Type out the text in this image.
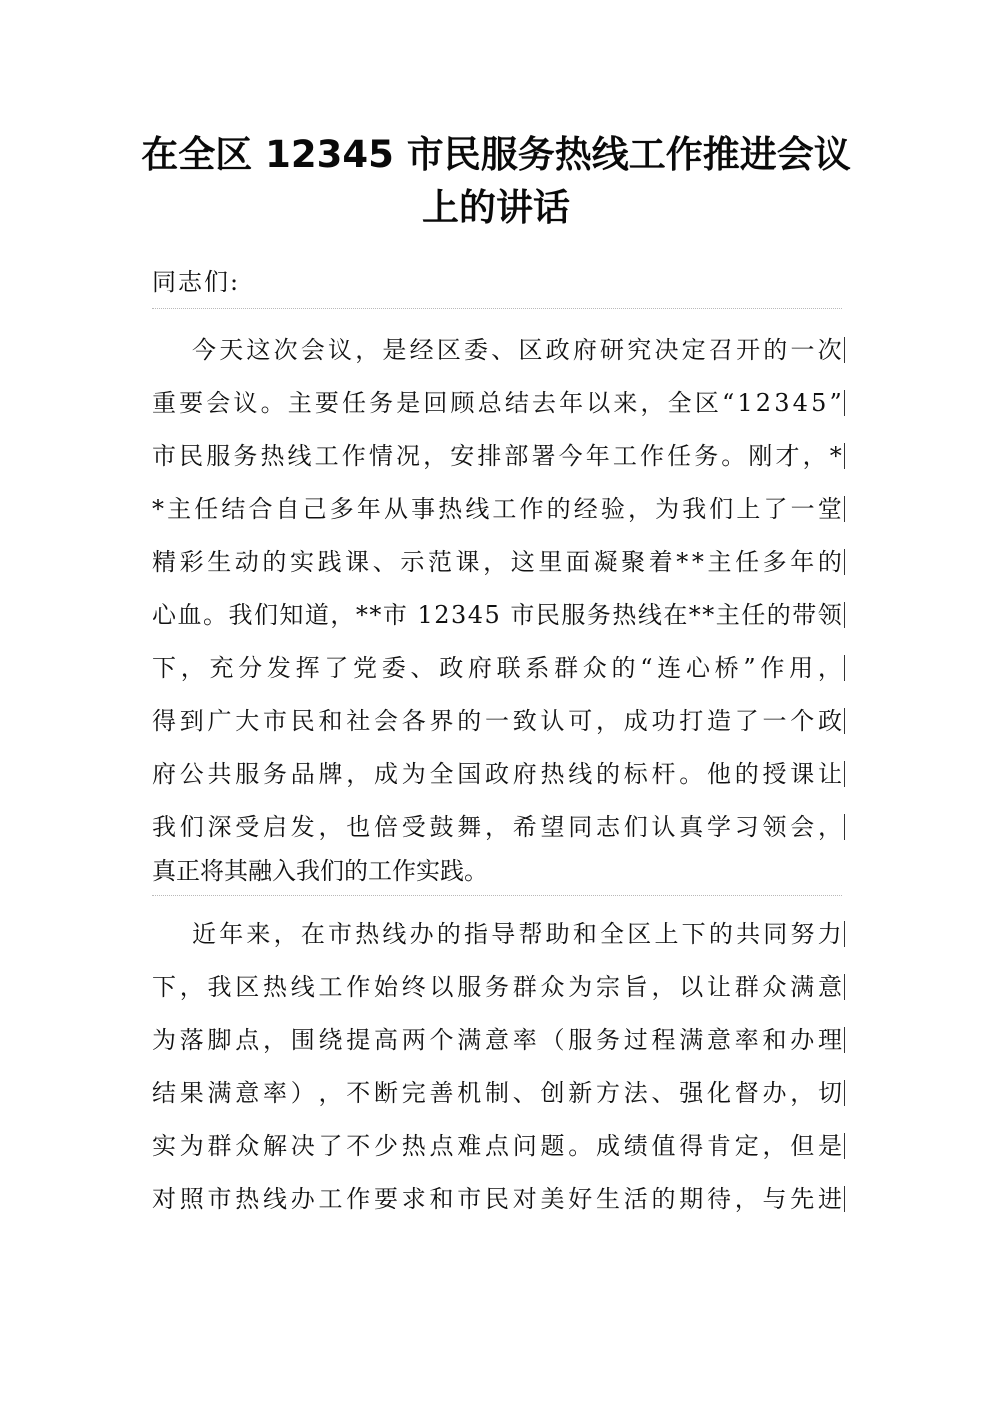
在全区 12345 市民服务热线工作推进会议
上的讲话
同志们:
今 天 这 次 会 议 ， 是 经 区 委 、 区 政 府 研 究 决 定 召 开 的 一 次
重 要 会 议 。 主 要 任 务 是 回 顾 总 结 去 年 以 来 ， 全 区 “ 1 2 3 4 5 ”
市 民 服 务 热 线 工 作 情 况 ， 安 排 部 署 今 年 工 作 任 务 。 刚 才 ， *
* 主 任 结 合 自 己 多 年 从 事 热 线 工 作 的 经 验 ， 为 我 们 上 了 一 堂
精 彩 生 动 的 实 践 课 、 示 范 课 ， 这 里 面 凝 聚 着 * * 主 任 多 年 的
心 血 。 我 们 知 道 ， * * 市
1 2 3 4 5
市 民 服 务 热 线 在 * * 主 任 的 带 领
下 ， 充 分 发 挥 了 党 委 、 政 府 联 系 群 众 的 “ 连 心 桥 ” 作 用 ，
得 到 广 大 市 民 和 社 会 各 界 的 一 致 认 可 ， 成 功 打 造 了 一 个 政
府 公 共 服 务 品 牌 ， 成 为 全 国 政 府 热 线 的 标 杆 。 他 的 授 课 让
我 们 深 受 启 发 ， 也 倍 受 鼓 舞 ， 希 望 同 志 们 认 真 学 习 领 会 ，
真正将其融入我们的工作实践。
近 年 来 ， 在 市 热 线 办 的 指 导 帮 助 和 全 区 上 下 的 共 同 努 力
下 ， 我 区 热 线 工 作 始 终 以 服 务 群 众 为 宗 旨 ， 以 让 群 众 满 意
为 落 脚 点 ， 围 绕 提 高 两 个 满 意 率 （ 服 务 过 程 满 意 率 和 办 理
结 果 满 意 率 ） ， 不 断 完 善 机 制 、 创 新 方 法 、 强 化 督 办 ， 切
实 为 群 众 解 决 了 不 少 热 点 难 点 问 题 。 成 绩 值 得 肯 定 ， 但 是
对 照 市 热 线 办 工 作 要 求 和 市 民 对 美 好 生 活 的 期 待 ， 与 先 进
